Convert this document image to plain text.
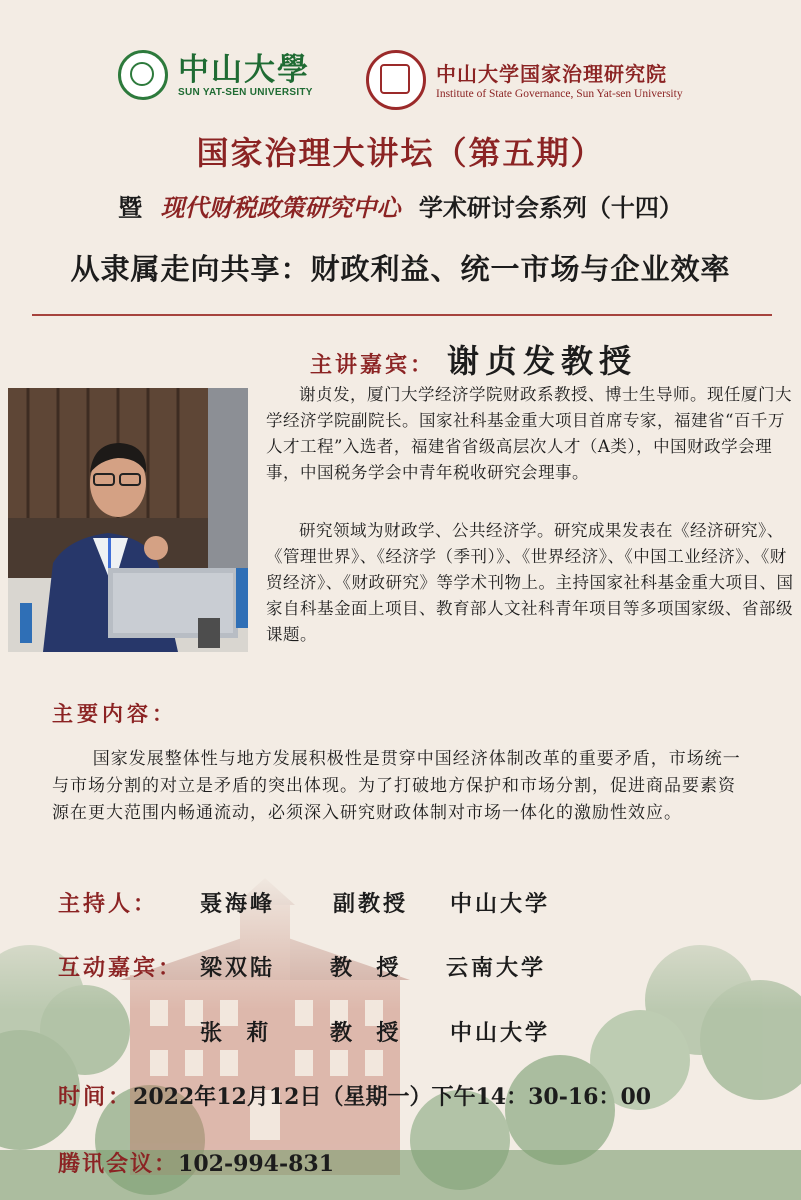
中山大學
SUN YAT-SEN UNIVERSITY
中山大学国家治理研究院
Institute of State Governance, Sun Yat-sen University
国家治理大讲坛（第五期）
暨 现代财税政策研究中心 学术研讨会系列（十四）
从隶属走向共享：财政利益、统一市场与企业效率
主讲嘉宾： 谢贞发教授
谢贞发，厦门大学经济学院财政系教授、博士生导师。现任厦门大学经济学院副院长。国家社科基金重大项目首席专家，福建省“百千万人才工程”入选者，福建省省级高层次人才（A类），中国财政学会理事，中国税务学会中青年税收研究会理事。
研究领域为财政学、公共经济学。研究成果发表在《经济研究》、《管理世界》、《经济学（季刊）》、《世界经济》、《中国工业经济》、《财贸经济》、《财政研究》等学术刊物上。主持国家社科基金重大项目、国家自科基金面上项目、教育部人文社科青年项目等多项国家级、省部级课题。
主要内容：
国家发展整体性与地方发展积极性是贯穿中国经济体制改革的重要矛盾，市场统一与市场分割的对立是矛盾的突出体现。为了打破地方保护和市场分割，促进商品要素资源在更大范围内畅通流动，必须深入研究财政体制对市场一体化的激励性效应。
主持人： 聂海峰	副教授 中山大学
互动嘉宾： 梁双陆 教  授 云南大学
张  莉	教  授 中山大学
时间：2022年12月12日（星期一）下午14：30-16：00
腾讯会议：102-994-831
